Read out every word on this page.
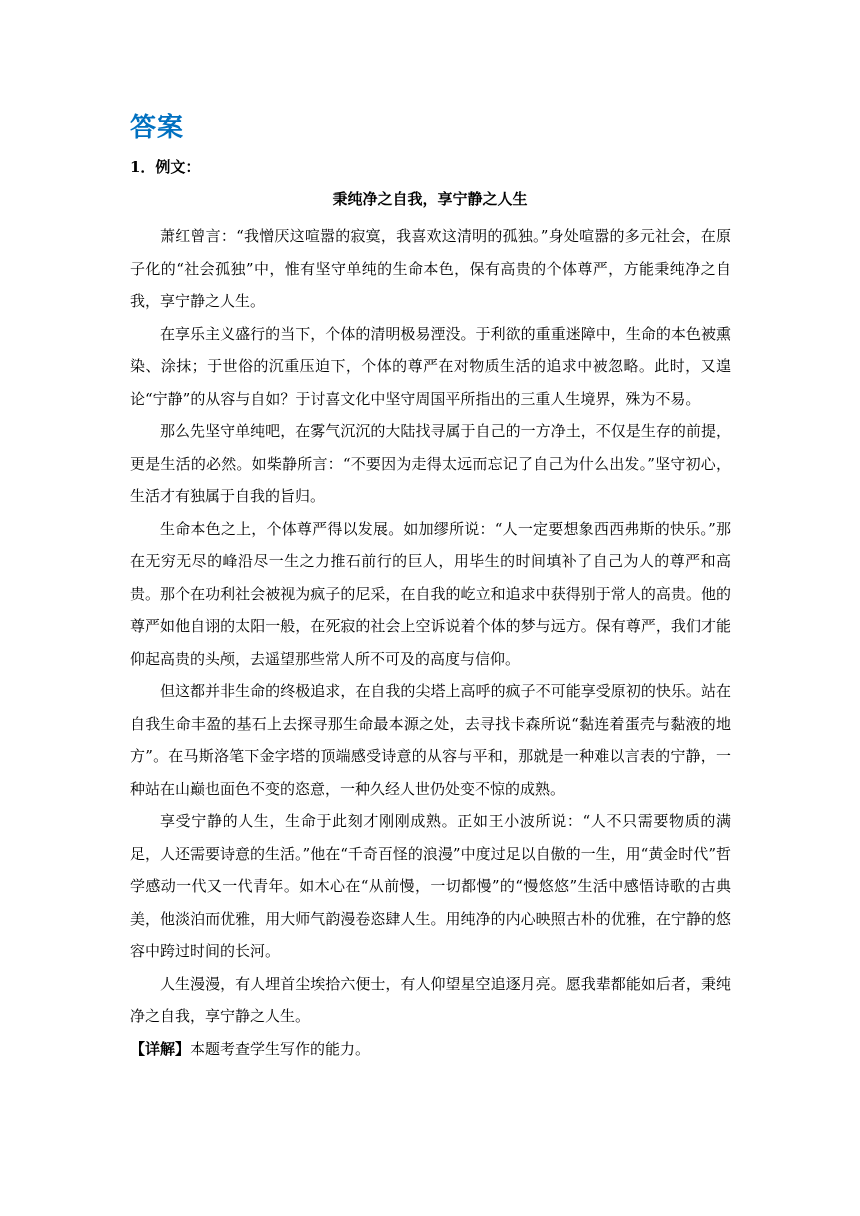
答案
1．例文：
秉纯净之自我，享宁静之人生

萧红曾言：“我憎厌这喧嚣的寂寞，我喜欢这清明的孤独。”身处喧嚣的多元社会，在原子化的“社会孤独”中，惟有坚守单纯的生命本色，保有高贵的个体尊严，方能秉纯净之自我，享宁静之人生。

在享乐主义盛行的当下，个体的清明极易湮没。于利欲的重重迷障中，生命的本色被熏染、涂抹；于世俗的沉重压迫下，个体的尊严在对物质生活的追求中被忽略。此时，又遑论“宁静”的从容与自如？于讨喜文化中坚守周国平所指出的三重人生境界，殊为不易。

那么先坚守单纯吧，在雾气沉沉的大陆找寻属于自己的一方净土，不仅是生存的前提，更是生活的必然。如柴静所言：“不要因为走得太远而忘记了自己为什么出发。”坚守初心，生活才有独属于自我的旨归。

生命本色之上，个体尊严得以发展。如加缪所说：“人一定要想象西西弗斯的快乐。”那在无穷无尽的峰沿尽一生之力推石前行的巨人，用毕生的时间填补了自己为人的尊严和高贵。那个在功利社会被视为疯子的尼采，在自我的屹立和追求中获得别于常人的高贵。他的尊严如他自诩的太阳一般，在死寂的社会上空诉说着个体的梦与远方。保有尊严，我们才能仰起高贵的头颅，去遥望那些常人所不可及的高度与信仰。

但这都并非生命的终极追求，在自我的尖塔上高呼的疯子不可能享受原初的快乐。站在自我生命丰盈的基石上去探寻那生命最本源之处，去寻找卡森所说“黏连着蛋壳与黏液的地方”。在马斯洛笔下金字塔的顶端感受诗意的从容与平和，那就是一种难以言表的宁静，一种站在山巅也面色不变的恣意，一种久经人世仍处变不惊的成熟。

享受宁静的人生，生命于此刻才刚刚成熟。正如王小波所说：“人不只需要物质的满足，人还需要诗意的生活。”他在“千奇百怪的浪漫”中度过足以自傲的一生，用“黄金时代”哲学感动一代又一代青年。如木心在“从前慢，一切都慢”的“慢悠悠”生活中感悟诗歌的古典美，他淡泊而优雅，用大师气韵漫卷恣肆人生。用纯净的内心映照古朴的优雅，在宁静的悠容中跨过时间的长河。

人生漫漫，有人埋首尘埃拾六便士，有人仰望星空追逐月亮。愿我辈都能如后者，秉纯净之自我，享宁静之人生。

【详解】本题考查学生写作的能力。
